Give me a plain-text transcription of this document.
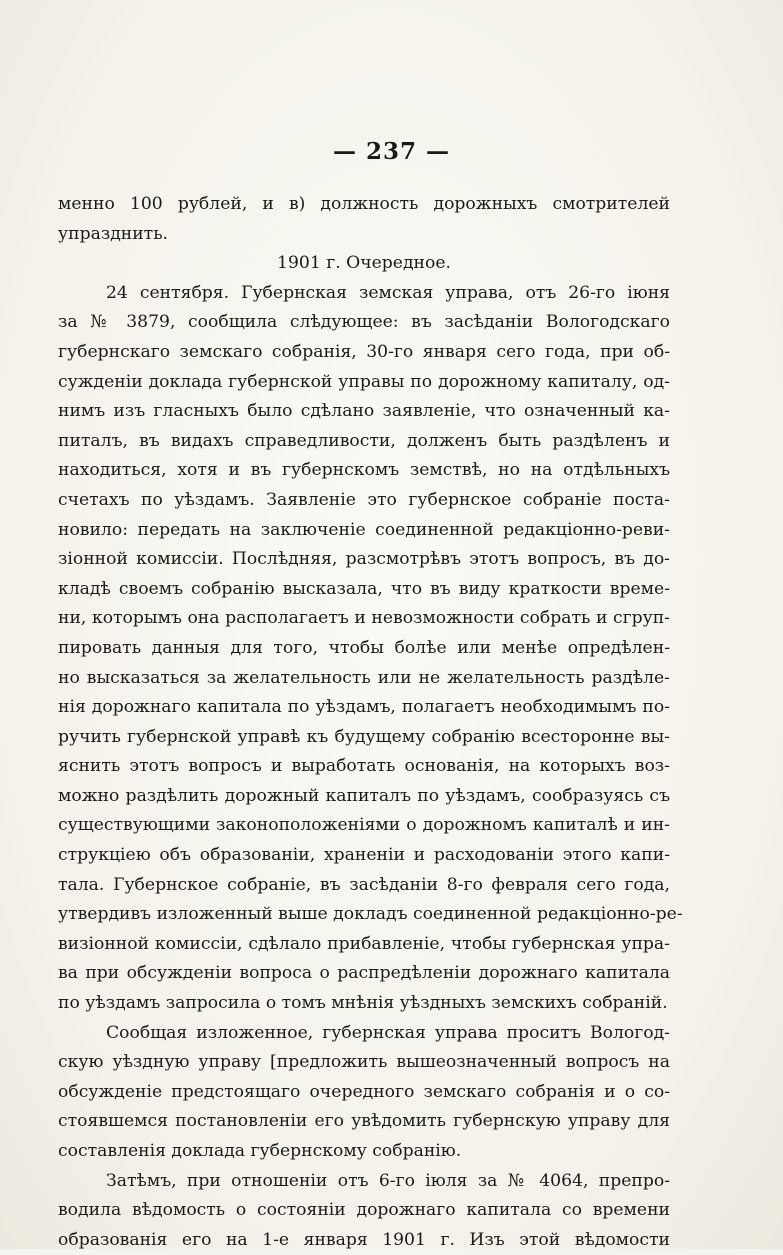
— 237 —
менно 100 рублей, и в) должность дорожныхъ смотрителей
упразднить.
1901 г. Очередное.
24 сентября. Губернская земская управа, отъ 26-го іюня
за № 3879, сообщила слѣдующее: въ засѣданіи Вологодскаго
губернскаго земскаго собранія, 30-го января сего года, при об-
сужденіи доклада губернской управы по дорожному капиталу, од-
нимъ изъ гласныхъ было сдѣлано заявленіе, что означенный ка-
питалъ, въ видахъ справедливости, долженъ быть раздѣленъ и
находиться, хотя и въ губернскомъ земствѣ, но на отдѣльныхъ
счетахъ по уѣздамъ. Заявленіе это губернское собраніе поста-
новило: передать на заключеніе соединенной редакціонно-реви-
зіонной комиссіи. Послѣдняя, разсмотрѣвъ этотъ вопросъ, въ до-
кладѣ своемъ собранію высказала, что въ виду краткости време-
ни, которымъ она располагаетъ и невозможности собрать и сгруп-
пировать данныя для того, чтобы болѣе или менѣе опредѣлен-
но высказаться за желательность или не желательность раздѣле-
нія дорожнаго капитала по уѣздамъ, полагаетъ необходимымъ по-
ручить губернской управѣ къ будущему собранію всесторонне вы-
яснить этотъ вопросъ и выработать основанія, на которыхъ воз-
можно раздѣлить дорожный капиталъ по уѣздамъ, сообразуясь съ
существующими законоположеніями о дорожномъ капиталѣ и ин-
струкціею объ образованіи, храненіи и расходованіи этого капи-
тала. Губернское собраніе, въ засѣданіи 8-го февраля сего года,
утвердивъ изложенный выше докладъ соединенной редакціонно-ре-
визіонной комиссіи, сдѣлало прибавленіе, чтобы губернская упра-
ва при обсужденіи вопроса о распредѣленіи дорожнаго капитала
по уѣздамъ запросила о томъ мнѣнія уѣздныхъ земскихъ собраній.
Сообщая изложенное, губернская управа проситъ Вологод-
скую уѣздную управу [предложить вышеозначенный вопросъ на
обсужденіе предстоящаго очередного земскаго собранія и о со-
стоявшемся постановленіи его увѣдомить губернскую управу для
составленія доклада губернскому собранію.
Затѣмъ, при отношеніи отъ 6-го іюля за № 4064, препро-
водила вѣдомость о состояніи дорожнаго капитала со времени
образованія его на 1-е января 1901 г. Изъ этой вѣдомости
